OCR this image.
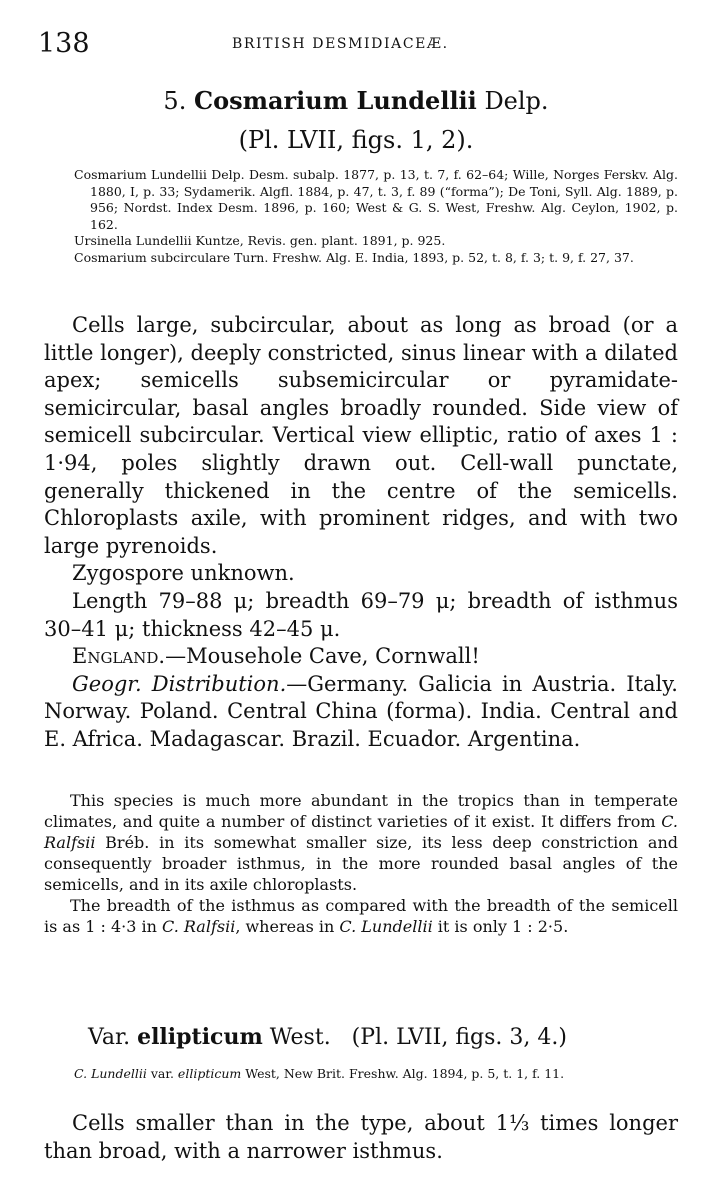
138	BRITISH DESMIDIACEÆ.
5. Cosmarium Lundellii Delp.
(Pl. LVII, figs. 1, 2).

Cosmarium Lundellii Delp. Desm. subalp. 1877, p. 13, t. 7, f. 62–64; Wille, Norges Ferskv. Alg. 1880, I, p. 33; Sydamerik. Algfl. 1884, p. 47, t. 3, f. 89 (“forma”); De Toni, Syll. Alg. 1889, p. 956; Nordst. Index Desm. 1896, p. 160; West & G. S. West, Freshw. Alg. Ceylon, 1902, p. 162.

Ursinella Lundellii Kuntze, Revis. gen. plant. 1891, p. 925.

Cosmarium subcirculare Turn. Freshw. Alg. E. India, 1893, p. 52, t. 8, f. 3; t. 9, f. 27, 37.

Cells large, subcircular, about as long as broad (or a little longer), deeply constricted, sinus linear with a dilated apex; semicells subsemicircular or pyramidate-semicircular, basal angles broadly rounded. Side view of semicell subcircular. Vertical view elliptic, ratio of axes 1 : 1·94, poles slightly drawn out. Cell-wall punctate, generally thickened in the centre of the semicells. Chloroplasts axile, with prominent ridges, and with two large pyrenoids.

Zygospore unknown.

Length 79–88 μ; breadth 69–79 μ; breadth of isthmus 30–41 μ; thickness 42–45 μ.

England.—Mousehole Cave, Cornwall!

Geogr. Distribution.—Germany. Galicia in Austria. Italy. Norway. Poland. Central China (forma). India. Central and E. Africa. Madagascar. Brazil. Ecuador. Argentina.

This species is much more abundant in the tropics than in temperate climates, and quite a number of distinct varieties of it exist. It differs from C. Ralfsii Bréb. in its somewhat smaller size, its less deep constriction and consequently broader isthmus, in the more rounded basal angles of the semicells, and in its axile chloroplasts.

The breadth of the isthmus as compared with the breadth of the semicell is as 1 : 4·3 in C. Ralfsii, whereas in C. Lundellii it is only 1 : 2·5.

Var. ellipticum West. (Pl. LVII, figs. 3, 4.)

C. Lundellii var. ellipticum West, New Brit. Freshw. Alg. 1894, p. 5, t. 1, f. 11.

Cells smaller than in the type, about 1⅓ times longer than broad, with a narrower isthmus.
